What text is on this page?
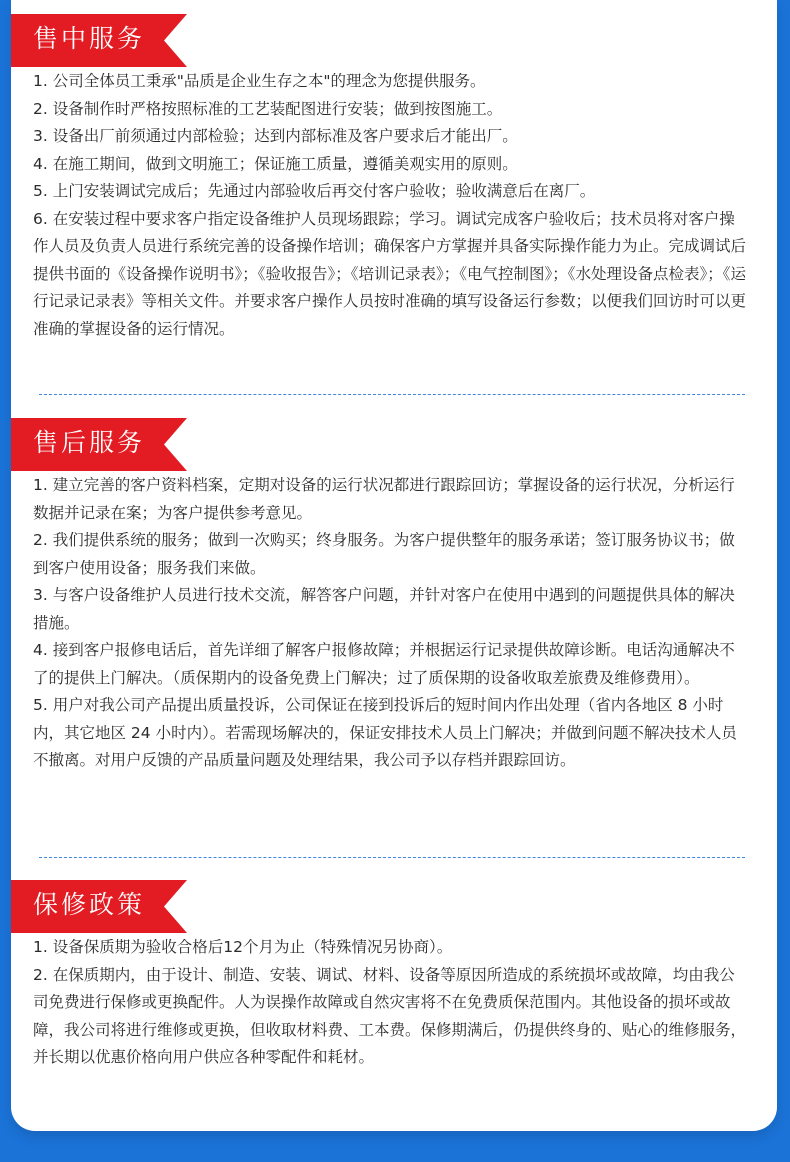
售中服务

1. 公司全体员工秉承"品质是企业生存之本"的理念为您提供服务。

2. 设备制作时严格按照标准的工艺装配图进行安装；做到按图施工。

3. 设备出厂前须通过内部检验；达到内部标准及客户要求后才能出厂。

4. 在施工期间，做到文明施工；保证施工质量，遵循美观实用的原则。

5. 上门安装调试完成后；先通过内部验收后再交付客户验收；验收满意后在离厂。

6. 在安装过程中要求客户指定设备维护人员现场跟踪；学习。调试完成客户验收后；技术员将对客户操作人员及负责人员进行系统完善的设备操作培训；确保客户方掌握并具备实际操作能力为止。完成调试后提供书面的《设备操作说明书》；《验收报告》；《培训记录表》；《电气控制图》；《水处理设备点检表》；《运行记录记录表》等相关文件。并要求客户操作人员按时准确的填写设备运行参数；以便我们回访时可以更准确的掌握设备的运行情况。

售后服务

1. 建立完善的客户资料档案，定期对设备的运行状况都进行跟踪回访；掌握设备的运行状况，分析运行数据并记录在案；为客户提供参考意见。

2. 我们提供系统的服务；做到一次购买；终身服务。为客户提供整年的服务承诺；签订服务协议书；做到客户使用设备；服务我们来做。

3. 与客户设备维护人员进行技术交流，解答客户问题，并针对客户在使用中遇到的问题提供具体的解决措施。

4. 接到客户报修电话后，首先详细了解客户报修故障；并根据运行记录提供故障诊断。电话沟通解决不了的提供上门解决。（质保期内的设备免费上门解决；过了质保期的设备收取差旅费及维修费用）。

5. 用户对我公司产品提出质量投诉，公司保证在接到投诉后的短时间内作出处理（省内各地区 8 小时内，其它地区 24 小时内）。若需现场解决的，保证安排技术人员上门解决；并做到问题不解决技术人员不撤离。对用户反馈的产品质量问题及处理结果，我公司予以存档并跟踪回访。

保修政策

1. 设备保质期为验收合格后12个月为止（特殊情况另协商）。

2. 在保质期内，由于设计、制造、安装、调试、材料、设备等原因所造成的系统损坏或故障，均由我公司免费进行保修或更换配件。人为误操作故障或自然灾害将不在免费质保范围内。其他设备的损坏或故障，我公司将进行维修或更换，但收取材料费、工本费。保修期满后，仍提供终身的、贴心的维修服务，并长期以优惠价格向用户供应各种零配件和耗材。
